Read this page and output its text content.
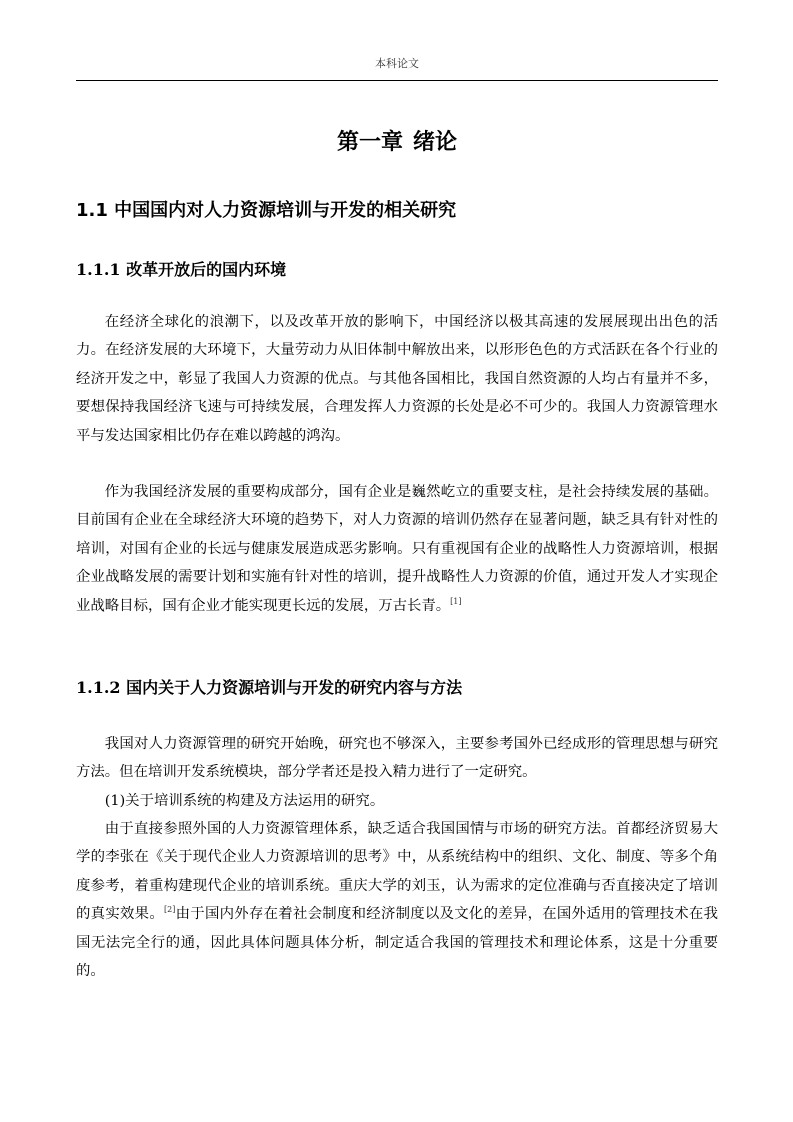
本科论文
第一章 绪论
1.1 中国国内对人力资源培训与开发的相关研究
1.1.1 改革开放后的国内环境

在经济全球化的浪潮下，以及改革开放的影响下，中国经济以极其高速的发展展现出出色的活力。在经济发展的大环境下，大量劳动力从旧体制中解放出来，以形形色色的方式活跃在各个行业的经济开发之中，彰显了我国人力资源的优点。与其他各国相比，我国自然资源的人均占有量并不多，要想保持我国经济飞速与可持续发展，合理发挥人力资源的长处是必不可少的。我国人力资源管理水平与发达国家相比仍存在难以跨越的鸿沟。

作为我国经济发展的重要构成部分，国有企业是巍然屹立的重要支柱，是社会持续发展的基础。目前国有企业在全球经济大环境的趋势下，对人力资源的培训仍然存在显著问题，缺乏具有针对性的培训，对国有企业的长远与健康发展造成恶劣影响。只有重视国有企业的战略性人力资源培训，根据企业战略发展的需要计划和实施有针对性的培训，提升战略性人力资源的价值，通过开发人才实现企业战略目标，国有企业才能实现更长远的发展，万古长青。[1]

1.1.2 国内关于人力资源培训与开发的研究内容与方法

我国对人力资源管理的研究开始晚，研究也不够深入，主要参考国外已经成形的管理思想与研究方法。但在培训开发系统模块，部分学者还是投入精力进行了一定研究。

(1)关于培训系统的构建及方法运用的研究。

由于直接参照外国的人力资源管理体系，缺乏适合我国国情与市场的研究方法。首都经济贸易大学的李张在《关于现代企业人力资源培训的思考》中，从系统结构中的组织、文化、制度、等多个角度参考，着重构建现代企业的培训系统。重庆大学的刘玉，认为需求的定位准确与否直接决定了培训的真实效果。[2]由于国内外存在着社会制度和经济制度以及文化的差异，在国外适用的管理技术在我国无法完全行的通，因此具体问题具体分析，制定适合我国的管理技术和理论体系，这是十分重要的。
